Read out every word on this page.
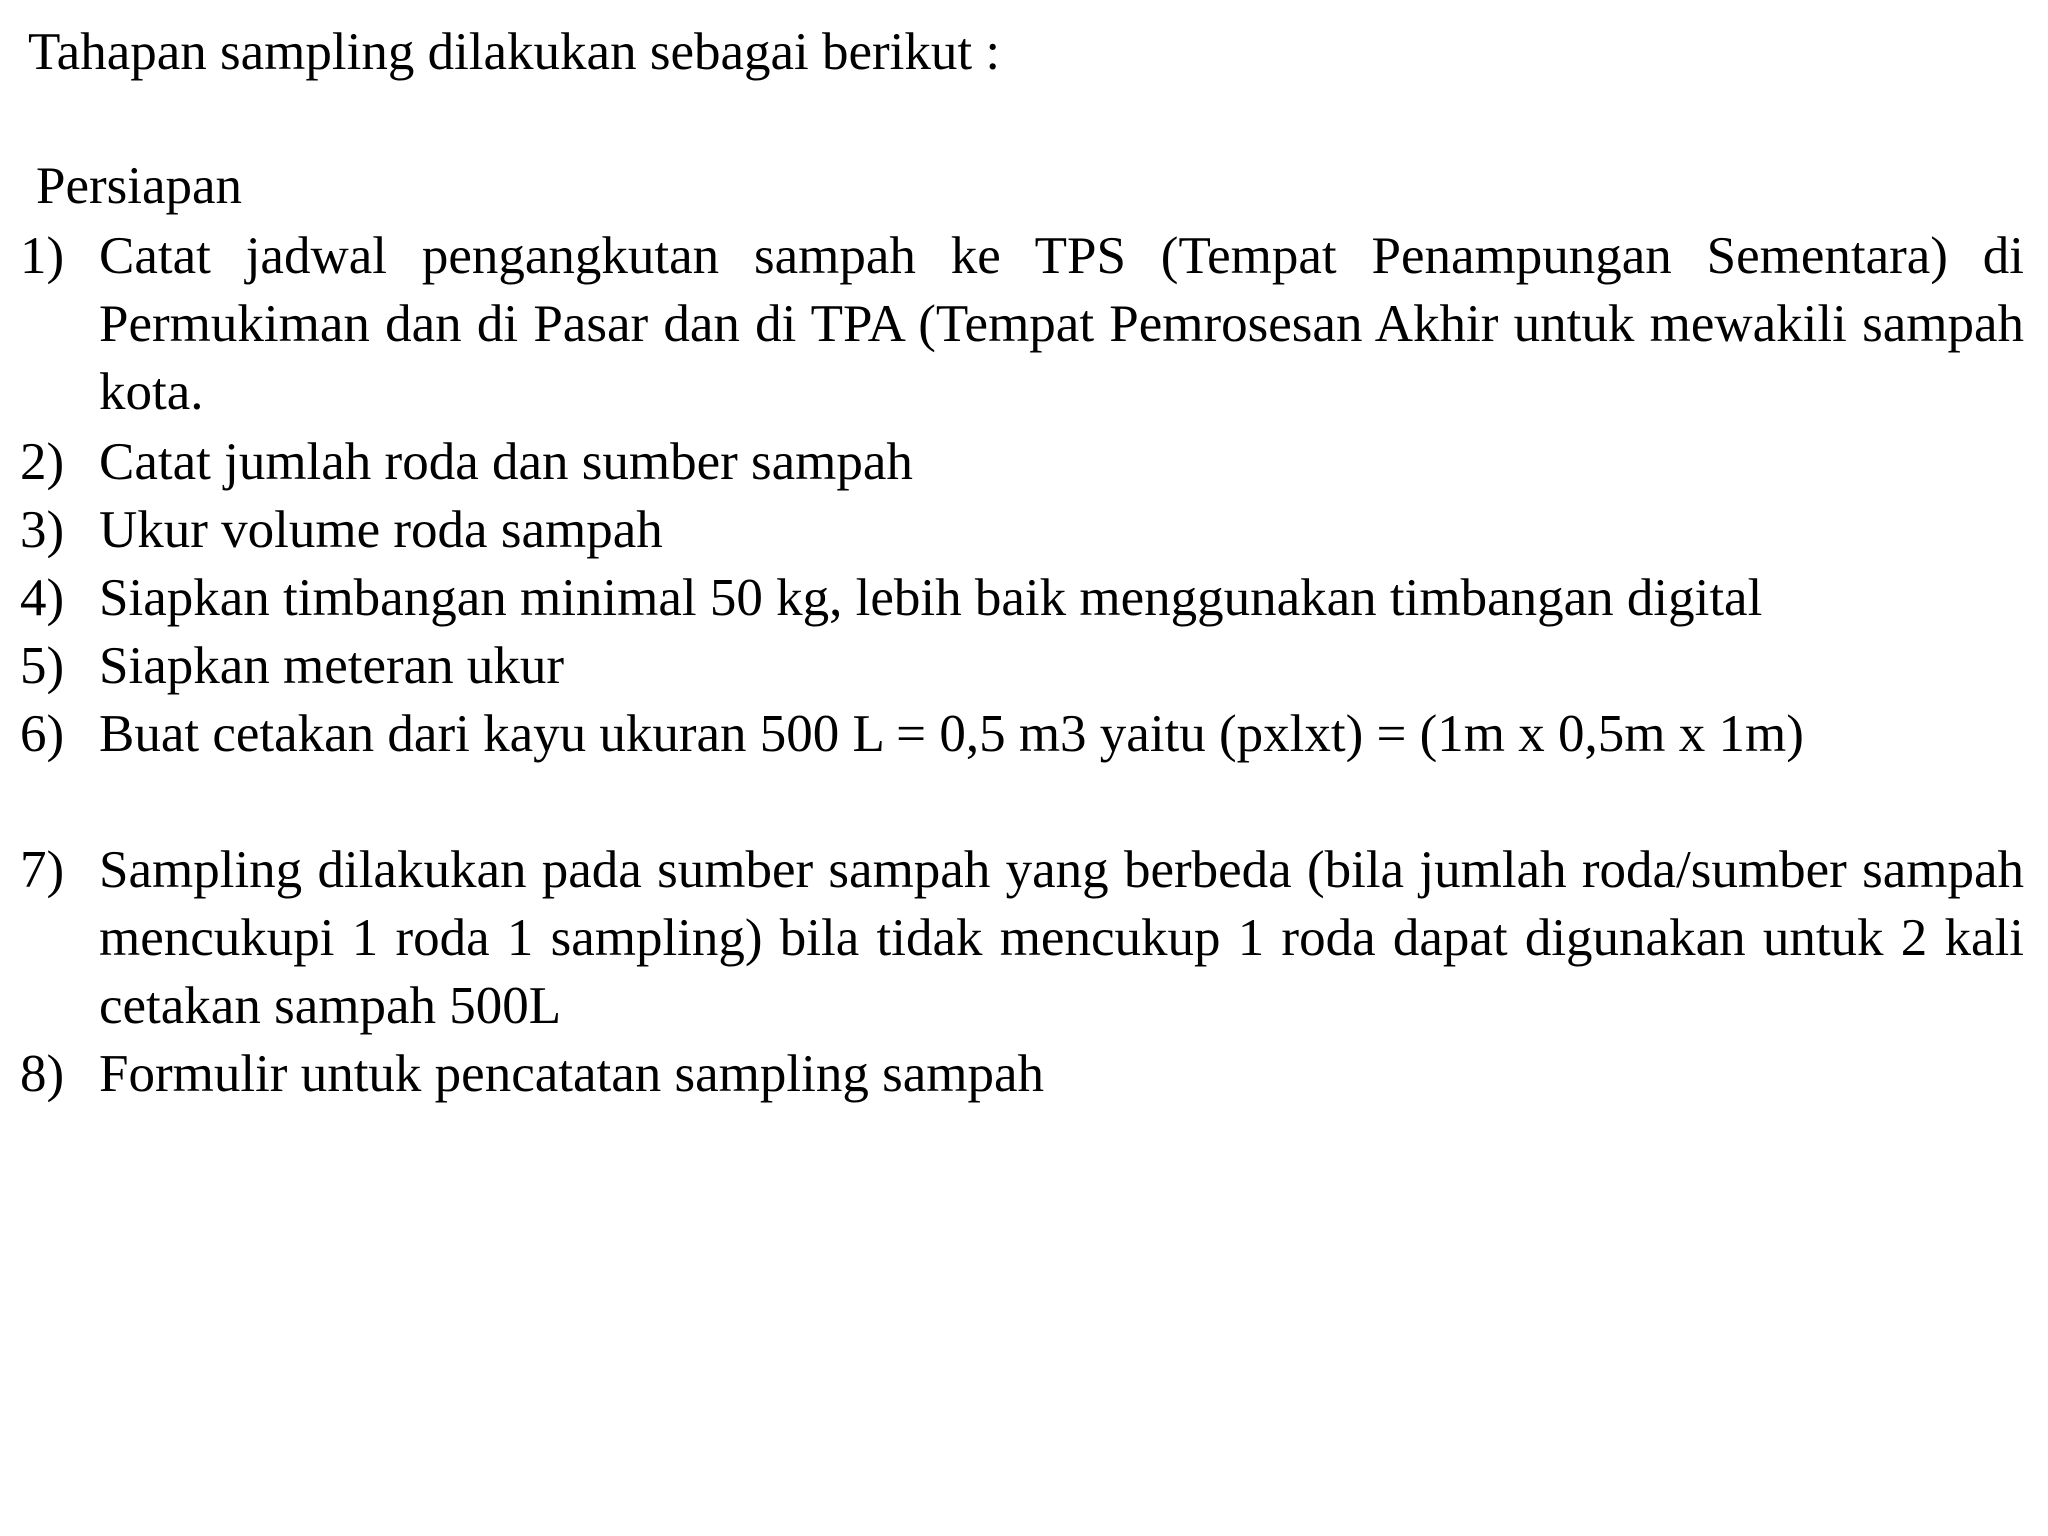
Tahapan sampling dilakukan sebagai berikut :
Persiapan
1) Catat jadwal pengangkutan sampah ke TPS (Tempat Penampungan Sementara) di Permukiman dan di Pasar dan di TPA (Tempat Pemrosesan Akhir untuk mewakili sampah kota.
2) Catat jumlah roda dan sumber sampah
3) Ukur volume roda sampah
4) Siapkan timbangan minimal 50 kg, lebih baik menggunakan timbangan digital
5) Siapkan meteran ukur
6) Buat cetakan dari kayu ukuran 500 L = 0,5 m3 yaitu (pxlxt) = (1m x 0,5m x 1m)
7) Sampling dilakukan pada sumber sampah yang berbeda (bila jumlah roda/sumber sampah mencukupi 1 roda 1 sampling) bila tidak mencukup 1 roda dapat digunakan untuk 2 kali cetakan sampah 500L
8) Formulir untuk pencatatan sampling sampah
